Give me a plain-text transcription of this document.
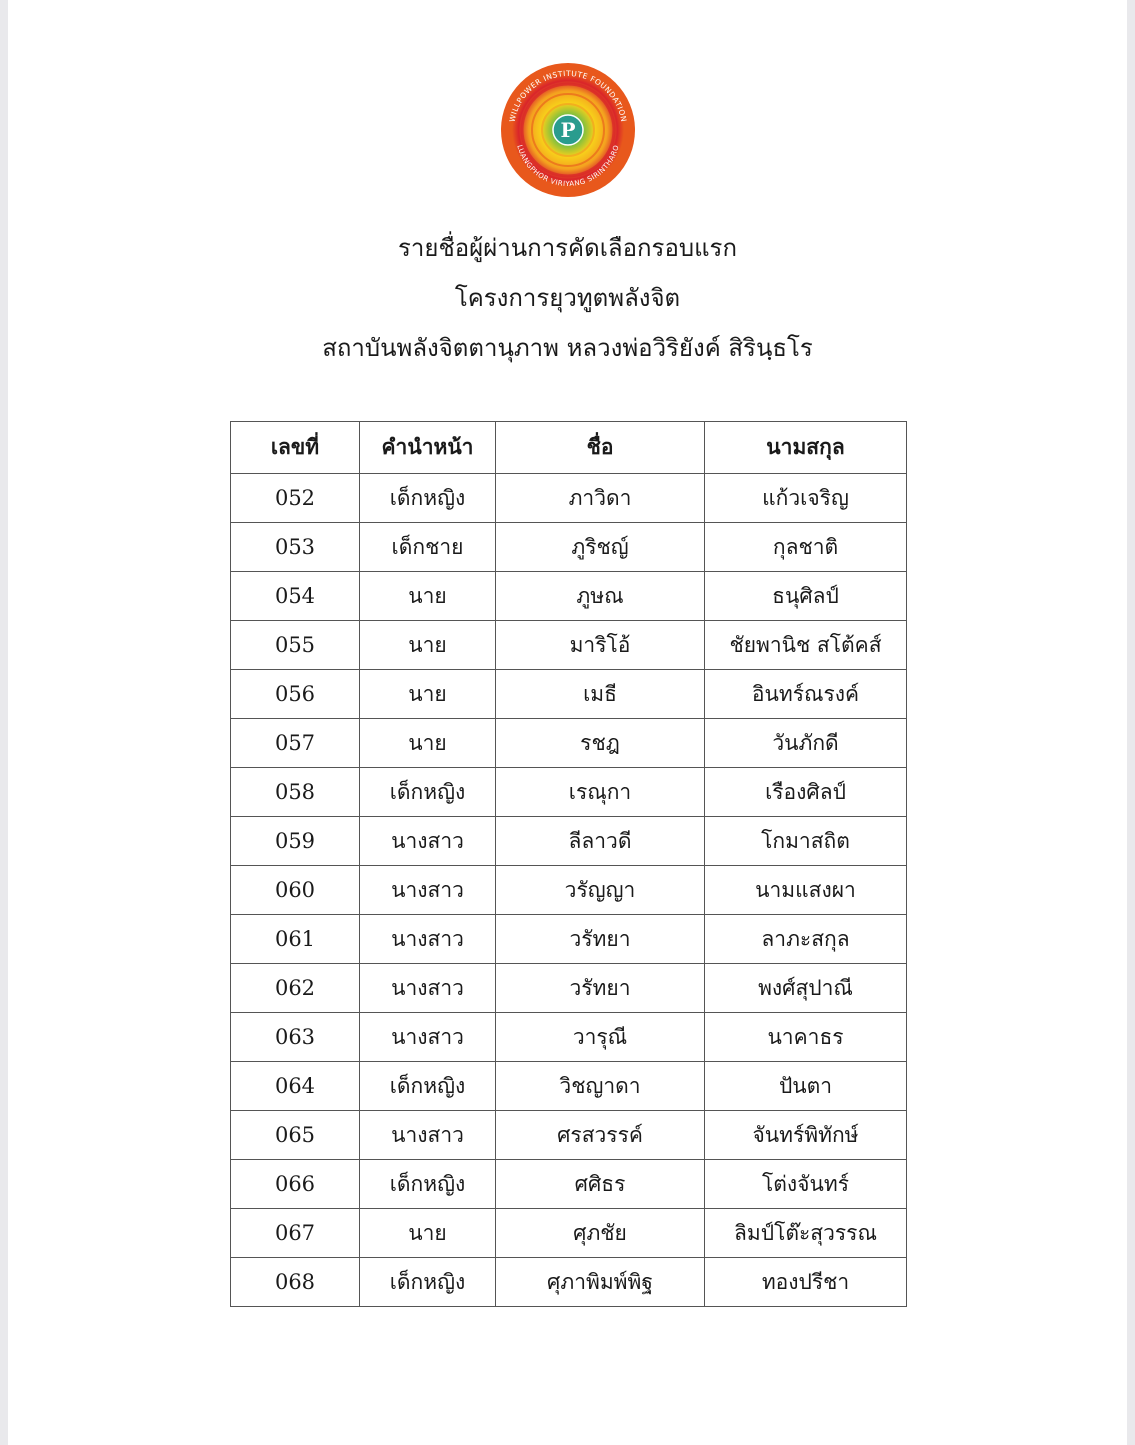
P
WILLPOWER INSTITUTE FOUNDATION
LUANGPHOR VIRIYANG SIRINTHARO
รายชื่อผู้ผ่านการคัดเลือกรอบแรก
โครงการยุวทูตพลังจิต
สถาบันพลังจิตตานุภาพ หลวงพ่อวิริยังค์ สิรินฺธโร
เลขที่	คำนำหน้า	ชื่อ	นามสกุล
052	เด็กหญิง	ภาวิดา	แก้วเจริญ
053	เด็กชาย	ภูริชญ์	กุลชาติ
054	นาย	ภูษณ	ธนุศิลป์
055	นาย	มาริโอ้	ชัยพานิช สโต้คส์
056	นาย	เมธี	อินทร์ณรงค์
057	นาย	รชฎ	วันภักดี
058	เด็กหญิง	เรณุกา	เรืองศิลป์
059	นางสาว	ลีลาวดี	โกมาสถิต
060	นางสาว	วรัญญา	นามแสงผา
061	นางสาว	วรัทยา	ลาภะสกุล
062	นางสาว	วรัทยา	พงศ์สุปาณี
063	นางสาว	วารุณี	นาคาธร
064	เด็กหญิง	วิชญาดา	ปันตา
065	นางสาว	ศรสวรรค์	จันทร์พิทักษ์
066	เด็กหญิง	ศศิธร	โต่งจันทร์
067	นาย	ศุภชัย	ลิมป์โต๊ะสุวรรณ
068	เด็กหญิง	ศุภาพิมพ์พิฐ	ทองปรีชา
